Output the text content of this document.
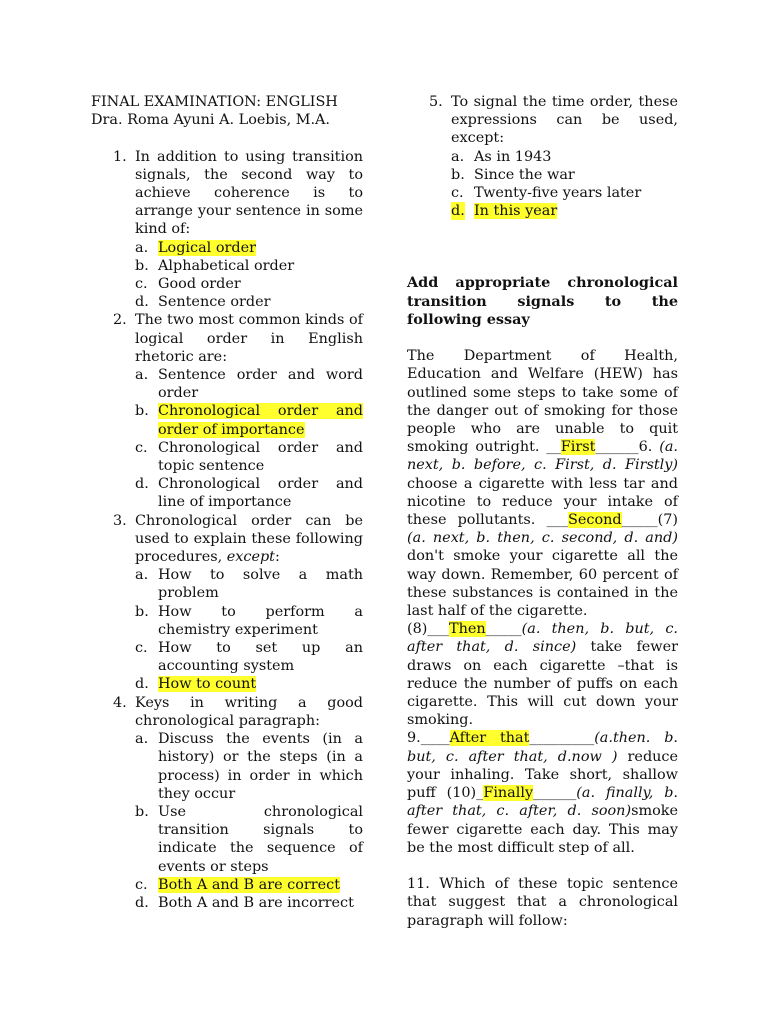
FINAL EXAMINATION: ENGLISH
Dra. Roma Ayuni A. Loebis, M.A.
1. In addition to using transition signals, the second way to achieve coherence is to arrange your sentence in some kind of:
a. Logical order
b. Alphabetical order
c. Good order
d. Sentence order
2. The two most common kinds of logical order in English rhetoric are:
a. Sentence order and word order
b. Chronological order and order of importance
c. Chronological order and topic sentence
d. Chronological order and line of importance
3. Chronological order can be used to explain these following procedures, except:
a. How to solve a math problem
b. How to perform a chemistry experiment
c. How to set up an accounting system
d. How to count
4. Keys in writing a good chronological paragraph:
a. Discuss the events (in a history) or the steps (in a process) in order in which they occur
b. Use chronological transition signals to indicate the sequence of events or steps
c. Both A and B are correct
d. Both A and B are incorrect
5. To signal the time order, these expressions can be used, except:
a. As in 1943
b. Since the war
c. Twenty-five years later
d. In this year

Add appropriate chronological transition signals to the following essay

The Department of Health, Education and Welfare (HEW) has outlined some steps to take some of the danger out of smoking for those people who are unable to quit smoking outright. __First______6. (a. next, b. before, c. First, d. Firstly) choose a cigarette with less tar and nicotine to reduce your intake of these pollutants. ___Second_____(7) (a. next, b. then, c. second, d. and) don't smoke your cigarette all the way down. Remember, 60 percent of these substances is contained in the last half of the cigarette.
(8)___Then_____(a. then, b. but, c. after that, d. since) take fewer draws on each cigarette –that is reduce the number of puffs on each cigarette. This will cut down your smoking.
9.____After that_________(a.then. b. but, c. after that, d.now ) reduce your inhaling. Take short, shallow puff (10)_Finally______(a. finally, b. after that, c. after, d. soon)smoke fewer cigarette each day. This may be the most difficult step of all.

11. Which of these topic sentence that suggest that a chronological paragraph will follow:
